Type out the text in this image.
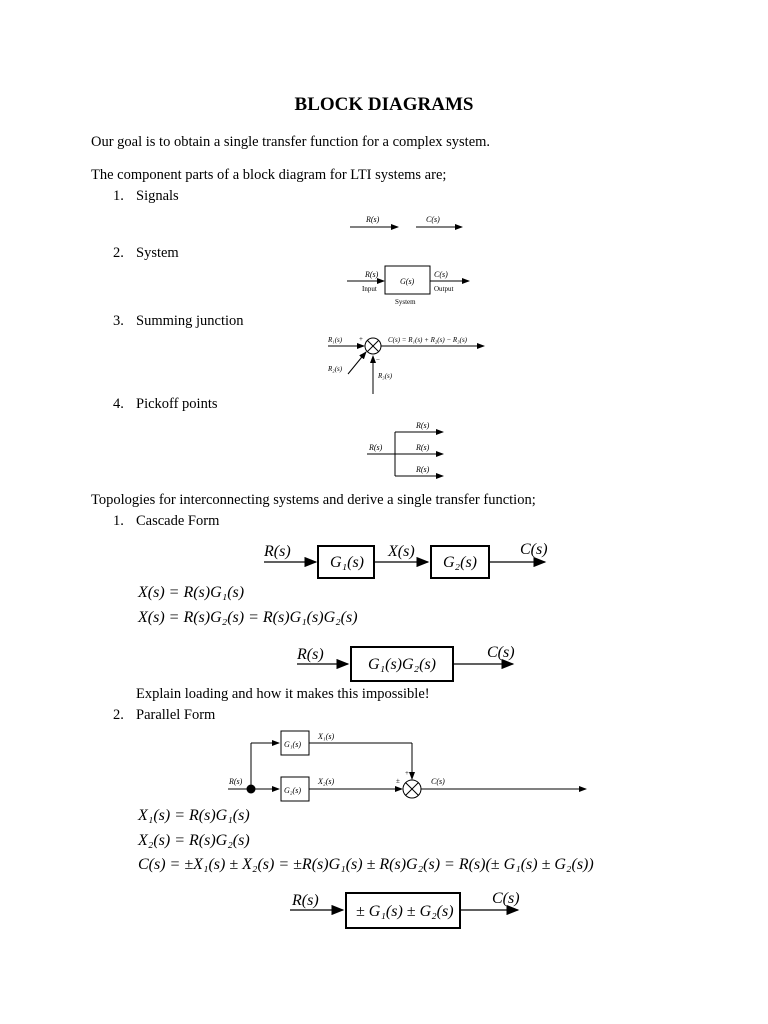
BLOCK DIAGRAMS
Our goal is to obtain a single transfer function for a complex system.
The component parts of a block diagram for LTI systems are;
1. Signals
2. System
3. Summing junction
4. Pickoff points
R(s)	C(s)
R(s)
Input
G(s)
C(s)
Output
System
R₁(s) +
R₂(s)
+
R₃(s)
−
C(s) = R₁(s) + R₂(s) − R₃(s)
R(s)
R(s)
R(s)
R(s)
Topologies for interconnecting systems and derive a single transfer function;
1. Cascade Form
R(s)
G₁(s)
X(s)
G₂(s)
C(s)
X(s) = R(s)G₁(s)
X(s) = R(s)G₂(s) = R(s)G₁(s)G₂(s)
R(s)
G₁(s)G₂(s)
C(s)
Explain loading and how it makes this impossible!
2. Parallel Form
G₁(s)
X₁(s)
R(s)
G₂(s)
X₂(s)	±
+
C(s)
X₁(s) = R(s)G₁(s)
X₂(s) = R(s)G₂(s)
C(s) = ±X₁(s) ± X₂(s) = ±R(s)G₁(s) ± R(s)G₂(s) = R(s)(± G₁(s) ± G₂(s))
R(s)
± G₁(s) ± G₂(s)
C(s)
